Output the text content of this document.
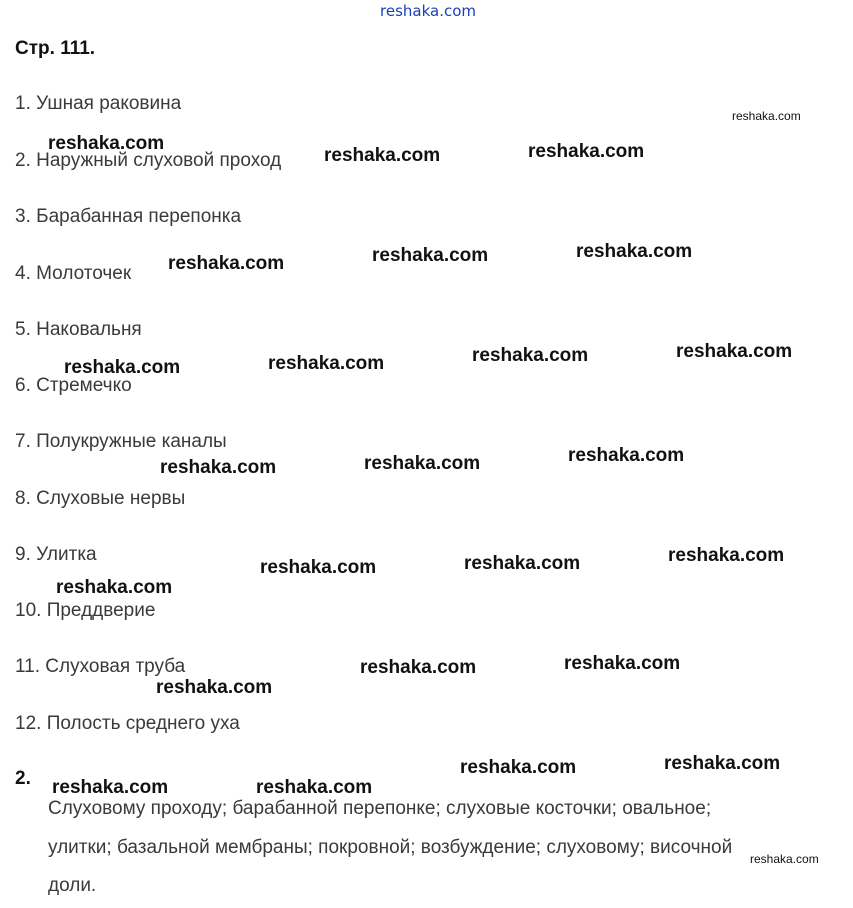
reshaka.com
Стр. 111.
1. Ушная раковина
2. Наружный слуховой проход
3. Барабанная перепонка
4. Молоточек
5. Наковальня
6. Стремечко
7. Полукружные каналы
8. Слуховые нервы
9. Улитка
10. Преддверие
11. Слуховая труба
12. Полость среднего уха
2.
Слуховому проходу; барабанной перепонке; слуховые косточки; овальное;
улитки; базальной мембраны; покровной; возбуждение; слуховому; височной
доли.
reshaka.com
reshaka.com
reshaka.com	reshaka.com
reshaka.com	reshaka.com
reshaka.com
reshaka.com	reshaka.com	reshaka.com	reshaka.com
reshaka.com	reshaka.com	reshaka.com
reshaka.com	reshaka.com	reshaka.com
reshaka.com
reshaka.com	reshaka.com
reshaka.com
reshaka.com	reshaka.com
reshaka.com	reshaka.com
reshaka.com
